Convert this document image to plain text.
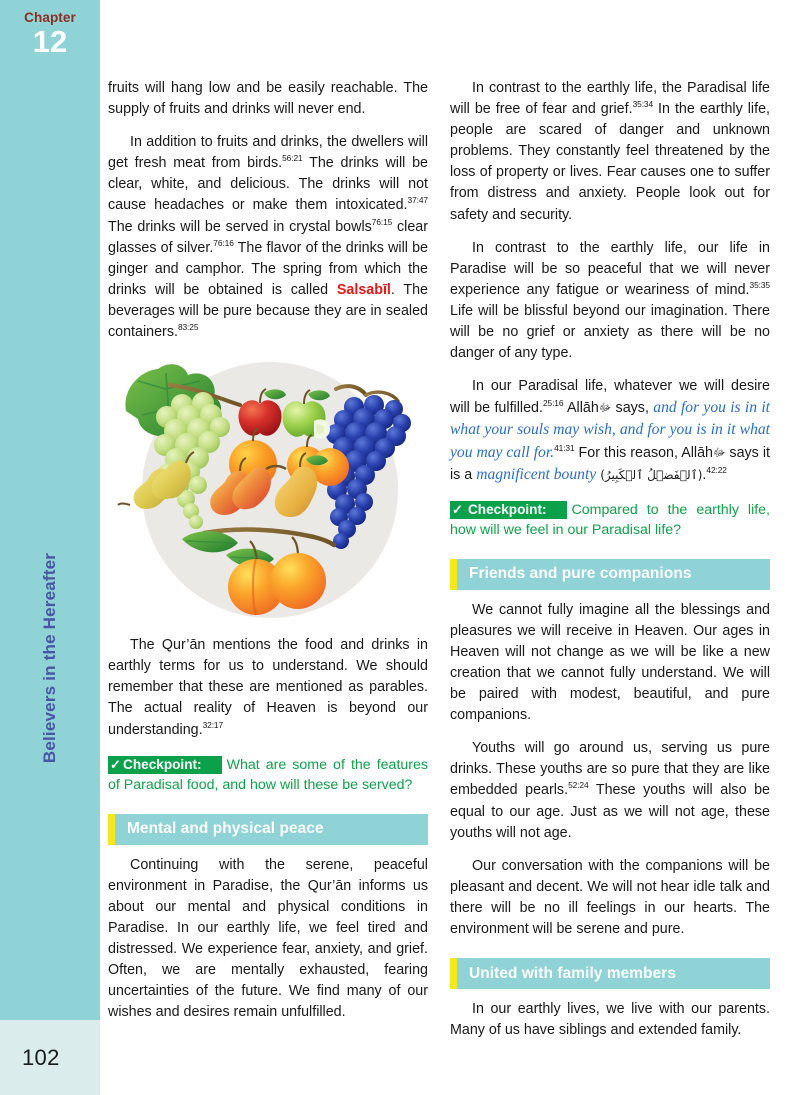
Chapter
12
Believers in the Hereafter
102

fruits will hang low and be easily reachable. The supply of fruits and drinks will never end.

In addition to fruits and drinks, the dwellers will get fresh meat from birds.$^{56:21}$ The drinks will be clear, white, and delicious. The drinks will not cause headaches or make them intoxicated.$^{37:47}$ The drinks will be served in crystal bowls$^{76:15}$ clear glasses of silver.$^{76:16}$ The flavor of the drinks will be ginger and camphor. The spring from which the drinks will be obtained is called Salsabīl. The beverages will be pure because they are in sealed containers.$^{83:25}$

The Qur’ān mentions the food and drinks in earthly terms for us to understand. We should remember that these are mentioned as parables. The actual reality of Heaven is beyond our understanding.$^{32:17}$

✓Checkpoint: What are some of the features of Paradisal food, and how will these be served?
Mental and physical peace

Continuing with the serene, peaceful environment in Paradise, the Qur’ān informs us about our mental and physical conditions in Paradise. In our earthly life, we feel tired and distressed. We experience fear, anxiety, and grief. Often, we are mentally exhausted, fearing uncertainties of the future. We find many of our wishes and desires remain unfulfilled.

In contrast to the earthly life, the Paradisal life will be free of fear and grief.$^{35:34}$ In the earthly life, people are scared of danger and unknown problems. They constantly feel threatened by the loss of property or lives. Fear causes one to suffer from distress and anxiety. People look out for safety and security.

In contrast to the earthly life, our life in Paradise will be so peaceful that we will never experience any fatigue or weariness of mind.$^{35:35}$ Life will be blissful beyond our imagination. There will be no grief or anxiety as there will be no danger of any type.

In our Paradisal life, whatever we will desire will be fulfilled.$^{25:16}$ Allāhﷻ says, and for you is in it what your souls may wish, and for you is in it what you may call for.$^{41:31}$ For this reason, Allāhﷻ says it is a magnificent bounty (ٱلۡفَضۡلُ ٱلۡكَبِيرُ).$^{42:22}$

✓Checkpoint: Compared to the earthly life, how will we feel in our Paradisal life?
Friends and pure companions

We cannot fully imagine all the blessings and pleasures we will receive in Heaven. Our ages in Heaven will not change as we will be like a new creation that we cannot fully understand. We will be paired with modest, beautiful, and pure companions.

Youths will go around us, serving us pure drinks. These youths are so pure that they are like embedded pearls.$^{52:24}$ These youths will also be equal to our age. Just as we will not age, these youths will not age.

Our conversation with the companions will be pleasant and decent. We will not hear idle talk and there will be no ill feelings in our hearts. The environment will be serene and pure.

United with family members

In our earthly lives, we live with our parents. Many of us have siblings and extended family.
